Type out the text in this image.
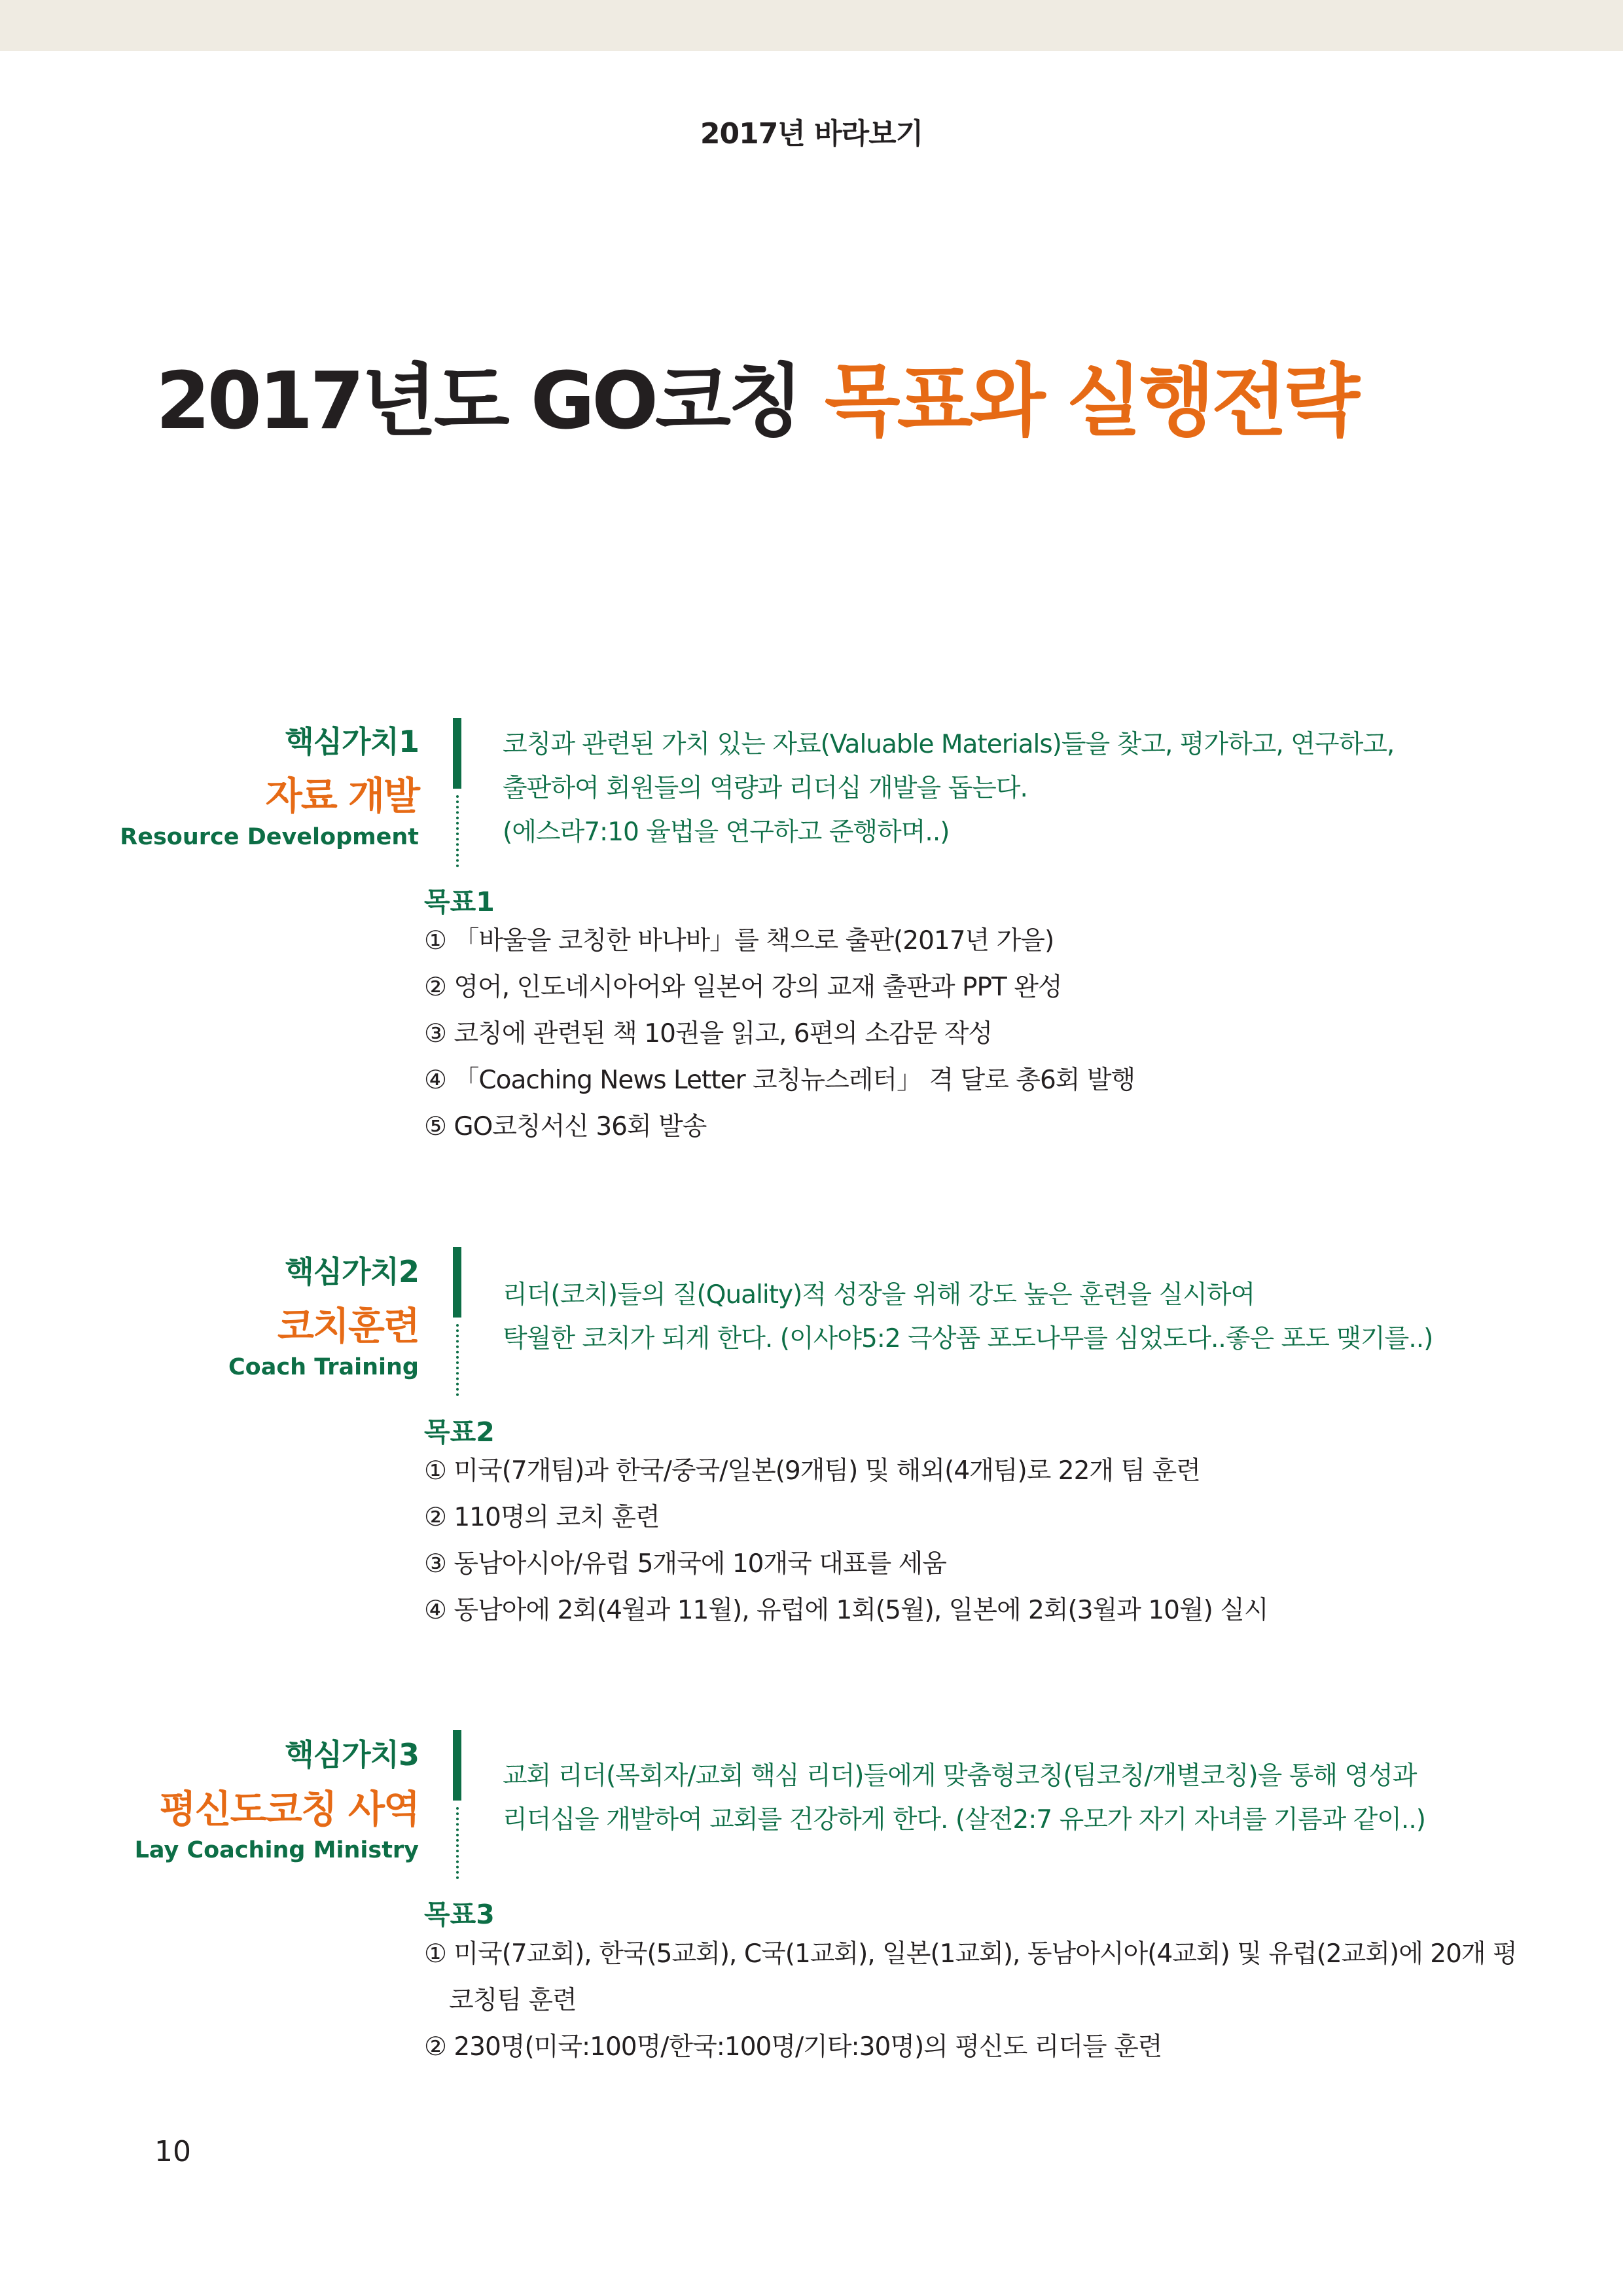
2017년 바라보기
2017년도 GO코칭 목표와 실행전략
핵심가치1
자료 개발
Resource Development
코칭과 관련된 가치 있는 자료(Valuable Materials)들을 찾고, 평가하고, 연구하고,
출판하여 회원들의 역량과 리더십 개발을 돕는다.
(에스라7:10 율법을 연구하고 준행하며..)
목표1
① 「바울을 코칭한 바나바」를 책으로 출판(2017년 가을)
② 영어, 인도네시아어와 일본어 강의 교재 출판과 PPT 완성
③ 코칭에 관련된 책 10권을 읽고, 6편의 소감문 작성
④ 「Coaching News Letter 코칭뉴스레터」 격 달로 총6회 발행
⑤ GO코칭서신 36회 발송
핵심가치2
코치훈련
Coach Training
리더(코치)들의 질(Quality)적 성장을 위해 강도 높은 훈련을 실시하여
탁월한 코치가 되게 한다. (이사야5:2 극상품 포도나무를 심었도다..좋은 포도 맺기를..)
목표2
① 미국(7개팀)과 한국/중국/일본(9개팀) 및 해외(4개팀)로 22개 팀 훈련
② 110명의 코치 훈련
③ 동남아시아/유럽 5개국에 10개국 대표를 세움
④ 동남아에 2회(4월과 11월), 유럽에 1회(5월), 일본에 2회(3월과 10월) 실시
핵심가치3
평신도코칭 사역
Lay Coaching Ministry
교회 리더(목회자/교회 핵심 리더)들에게 맞춤형코칭(팀코칭/개별코칭)을 통해 영성과
리더십을 개발하여 교회를 건강하게 한다. (살전2:7 유모가 자기 자녀를 기름과 같이..)
목표3
① 미국(7교회), 한국(5교회), C국(1교회), 일본(1교회), 동남아시아(4교회) 및 유럽(2교회)에 20개 평코칭팀 훈련
② 230명(미국:100명/한국:100명/기타:30명)의 평신도 리더들 훈련
10
